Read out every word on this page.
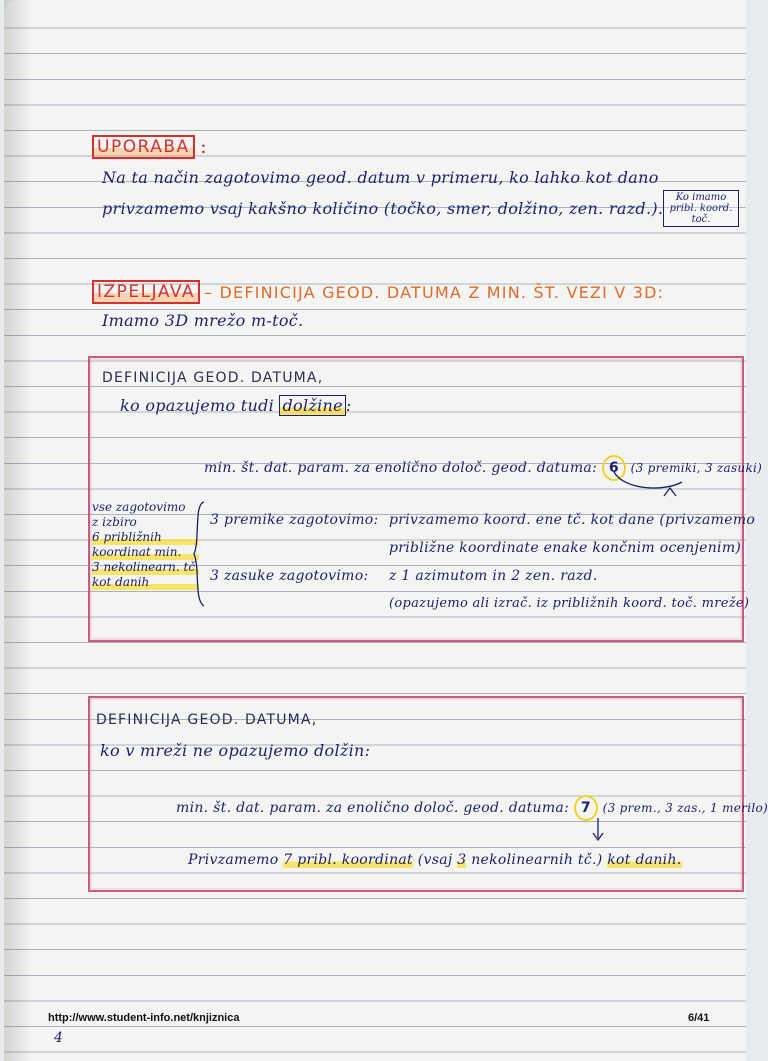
UPORABA :
Na ta način zagotovimo geod. datum v primeru, ko lahko kot dano
privzamemo vsaj kakšno količino (točko, smer, dolžino, zen. razd.).
Ko imamo
pribl. koord.
toč.
IZPELJAVA – DEFINICIJA GEOD. DATUMA Z MIN. ŠT. VEZI V 3D:
Imamo 3D mrežo m-toč.
DEFINICIJA GEOD. DATUMA,
ko opazujemo tudi dolžine :
min. št. dat. param. za enolično določ. geod. datuma: 6 (3 premiki, 3 zasuki)
vse zagotovimo
z izbiro
6 približnih
koordinat min.
3 nekolinearn. tč.
kot danih
3 premike zagotovimo: privzamemo koord. ene tč. kot dane (privzamemo
približne koordinate enake končnim ocenjenim)
3 zasuke zagotovimo: z 1 azimutom in 2 zen. razd.
(opazujemo ali izrač. iz približnih koord. toč. mreže)
DEFINICIJA GEOD. DATUMA,
ko v mreži ne opazujemo dolžin:
min. št. dat. param. za enolično določ. geod. datuma: 7 (3 prem., 3 zas., 1 merilo)
Privzamemo 7 pribl. koordinat (vsaj 3 nekolinearnih tč.) kot danih.
http://www.student-info.net/knjiznica	6/41
4
